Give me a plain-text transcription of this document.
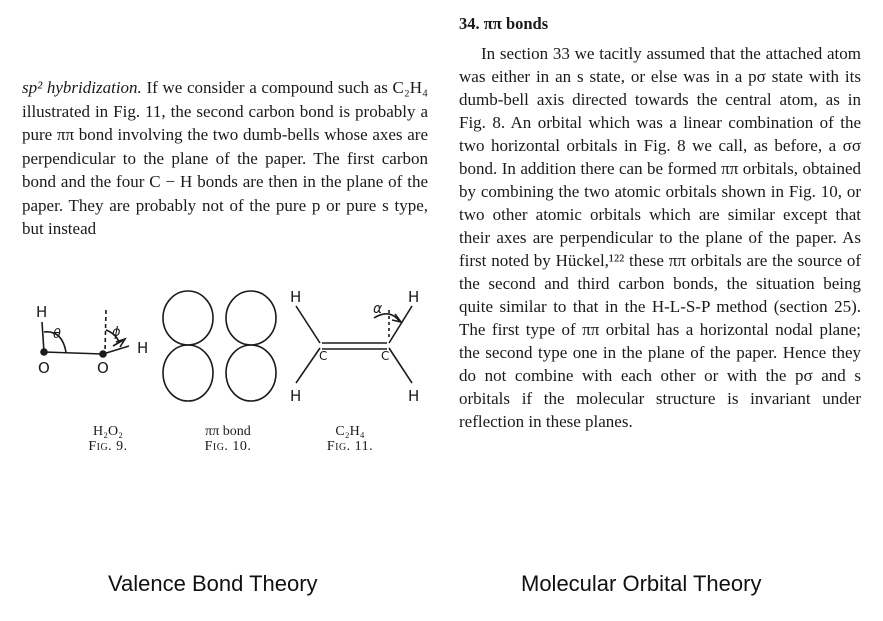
sp² hybridization. If we consider a compound such as C₂H₄ illustrated in Fig. 11, the second carbon bond is probably a pure ππ bond involving the two dumb-bells whose axes are perpendicular to the plane of the paper. The first carbon bond and the four C − H bonds are then in the plane of the paper. They are probably not of the pure p or pure s type, but instead

H
O	O
H
θ	ϕ
H	H
H	H
C	C
α
H₂O₂
Fig. 9.
ππ bond
Fig. 10.
C₂H₄
Fig. 11.
34. ππ bonds

In section 33 we tacitly assumed that the attached atom was either in an s state, or else was in a pσ state with its dumb-bell axis directed towards the central atom, as in Fig. 8. An orbital which was a linear combination of the two horizontal orbitals in Fig. 8 we call, as before, a σσ bond. In addition there can be formed ππ orbitals, obtained by combining the two atomic orbitals shown in Fig. 10, or two other atomic orbitals which are similar except that their axes are perpendicular to the plane of the paper. As first noted by Hückel,¹²² these ππ orbitals are the source of the second and third carbon bonds, the situation being quite similar to that in the H-L-S-P method (section 25). The first type of ππ orbital has a horizontal nodal plane; the second type one in the plane of the paper. Hence they do not combine with each other or with the pσ and s orbitals if the molecular structure is invariant under reflection in these planes.

Valence Bond Theory	Molecular Orbital Theory
